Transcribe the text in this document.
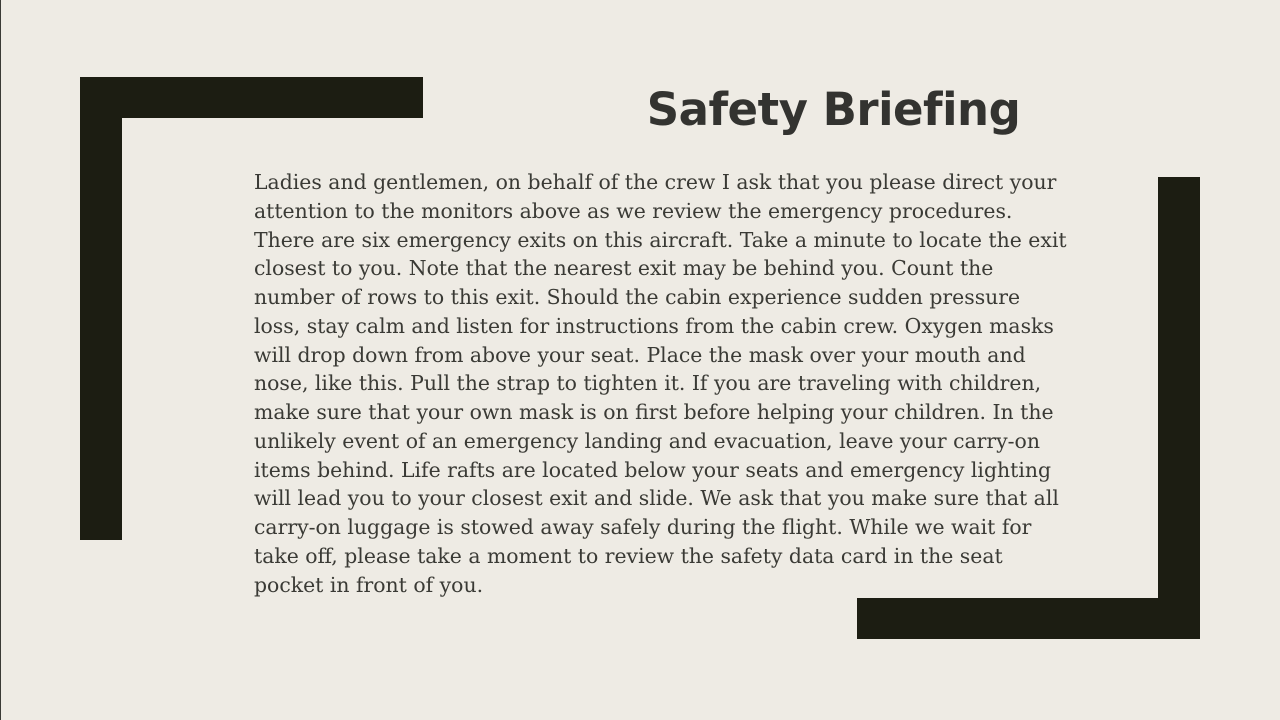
Safety Briefing
Ladies and gentlemen, on behalf of the crew I ask that you please direct your
attention to the monitors above as we review the emergency procedures.
There are six emergency exits on this aircraft. Take a minute to locate the exit
closest to you. Note that the nearest exit may be behind you. Count the
number of rows to this exit. Should the cabin experience sudden pressure
loss, stay calm and listen for instructions from the cabin crew. Oxygen masks
will drop down from above your seat. Place the mask over your mouth and
nose, like this. Pull the strap to tighten it. If you are traveling with children,
make sure that your own mask is on first before helping your children. In the
unlikely event of an emergency landing and evacuation, leave your carry-on
items behind. Life rafts are located below your seats and emergency lighting
will lead you to your closest exit and slide. We ask that you make sure that all
carry-on luggage is stowed away safely during the flight. While we wait for
take off, please take a moment to review the safety data card in the seat
pocket in front of you.
